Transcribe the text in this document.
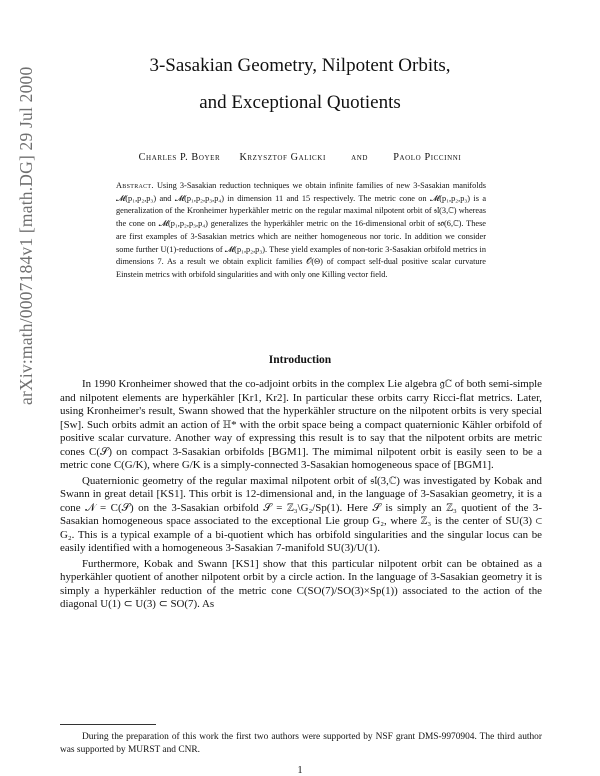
arXiv:math/0007184v1 [math.DG] 29 Jul 2000
3-Sasakian Geometry, Nilpotent Orbits,
and Exceptional Quotients
Charles P. Boyer Krzysztof Galicki and Paolo Piccinni
Abstract. Using 3-Sasakian reduction techniques we obtain infinite families of new 3-Sasakian manifolds 𝓜(p₁,p₂,p₃) and 𝓜(p₁,p₂,p₃,p₄) in dimension 11 and 15 respectively. The metric cone on 𝓜(p₁,p₂,p₃) is a generalization of the Kronheimer hyperkähler metric on the regular maximal nilpotent orbit of 𝔰𝔩(3,ℂ) whereas the cone on 𝓜(p₁,p₂,p₃,p₄) generalizes the hyperkähler metric on the 16-dimensional orbit of 𝔰𝔬(6,ℂ). These are first examples of 3-Sasakian metrics which are neither homogeneous nor toric. In addition we consider some further U(1)-reductions of 𝓜(p₁,p₂,p₃). These yield examples of non-toric 3-Sasakian orbifold metrics in dimensions 7. As a result we obtain explicit families 𝒪(Θ) of compact self-dual positive scalar curvature Einstein metrics with orbifold singularities and with only one Killing vector field.
Introduction

In 1990 Kronheimer showed that the co-adjoint orbits in the complex Lie algebra 𝔤ℂ of both semi-simple and nilpotent elements are hyperkähler [Kr1, Kr2]. In particular these orbits carry Ricci-flat metrics. Later, using Kronheimer's result, Swann showed that the hyperkähler structure on the nilpotent orbits is very special [Sw]. Such orbits admit an action of ℍ* with the orbit space being a compact quaternionic Kähler orbifold of positive scalar curvature. Another way of expressing this result is to say that the nilpotent orbits are metric cones C(𝒮) on compact 3-Sasakian orbifolds [BGM1]. The mimimal nilpotent orbit is easily seen to be a metric cone C(G/K), where G/K is a simply-connected 3-Sasakian homogeneous space of [BGM1].

Quaternionic geometry of the regular maximal nilpotent orbit of 𝔰𝔩(3,ℂ) was investigated by Kobak and Swann in great detail [KS1]. This orbit is 12-dimensional and, in the language of 3-Sasakian geometry, it is a cone 𝒩 = C(𝒮) on the 3-Sasakian orbifold 𝒮 = ℤ₃\G₂/Sp(1). Here 𝒮 is simply an ℤ₃ quotient of the 3-Sasakian homogeneous space associated to the exceptional Lie group G₂, where ℤ₃ is the center of SU(3) ⊂ G₂. This is a typical example of a bi-quotient which has orbifold singularities and the singular locus can be easily identified with a homogeneous 3-Sasakian 7-manifold SU(3)/U(1).

Furthermore, Kobak and Swann [KS1] show that this particular nilpotent orbit can be obtained as a hyperkähler quotient of another nilpotent orbit by a circle action. In the language of 3-Sasakian geometry it is simply a hyperkähler reduction of the metric cone C(SO(7)/SO(3)×Sp(1)) associated to the action of the diagonal U(1) ⊂ U(3) ⊂ SO(7). As

During the preparation of this work the first two authors were supported by NSF grant DMS-9970904. The third author was supported by MURST and CNR.
1
